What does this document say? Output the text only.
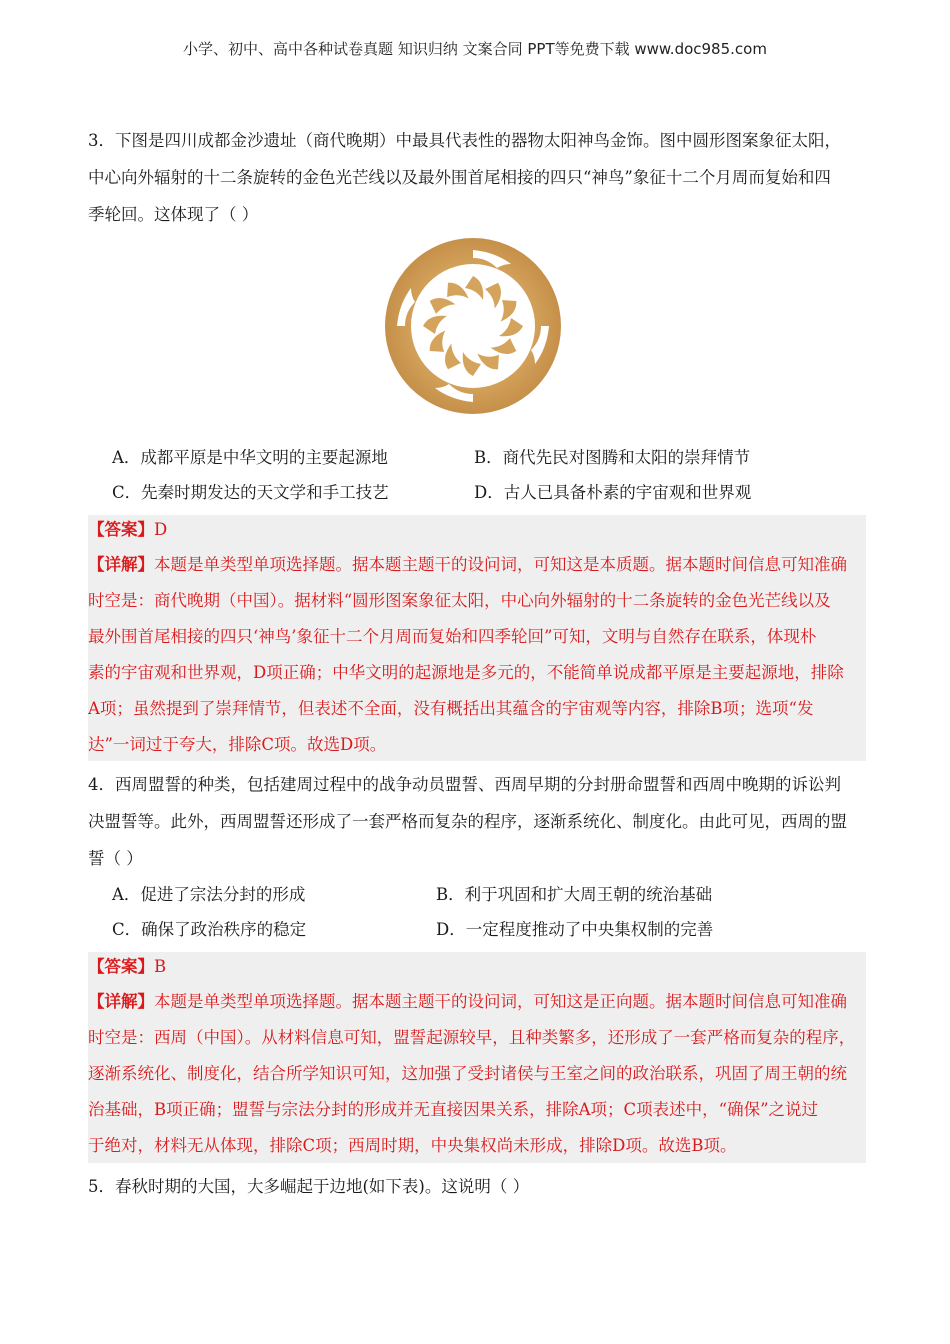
小学、初中、高中各种试卷真题 知识归纳 文案合同 PPT等免费下载 www.doc985.com
3．下图是四川成都金沙遗址（商代晚期）中最具代表性的器物太阳神鸟金饰。图中圆形图案象征太阳，
中心向外辐射的十二条旋转的金色光芒线以及最外围首尾相接的四只“神鸟”象征十二个月周而复始和四
季轮回。这体现了（ ）
A．成都平原是中华文明的主要起源地	B．商代先民对图腾和太阳的崇拜情节
C．先秦时期发达的天文学和手工技艺	D．古人已具备朴素的宇宙观和世界观
【答案】D
【详解】本题是单类型单项选择题。据本题主题干的设问词，可知这是本质题。据本题时间信息可知准确
时空是：商代晚期（中国）。据材料“圆形图案象征太阳，中心向外辐射的十二条旋转的金色光芒线以及
最外围首尾相接的四只‘神鸟’象征十二个月周而复始和四季轮回”可知，文明与自然存在联系，体现朴
素的宇宙观和世界观，D项正确；中华文明的起源地是多元的，不能简单说成都平原是主要起源地，排除
A项；虽然提到了崇拜情节，但表述不全面，没有概括出其蕴含的宇宙观等内容，排除B项；选项“发
达”一词过于夸大，排除C项。故选D项。
4．西周盟誓的种类，包括建周过程中的战争动员盟誓、西周早期的分封册命盟誓和西周中晚期的诉讼判
决盟誓等。此外，西周盟誓还形成了一套严格而复杂的程序，逐渐系统化、制度化。由此可见，西周的盟
誓（ ）
A．促进了宗法分封的形成	B．利于巩固和扩大周王朝的统治基础
C．确保了政治秩序的稳定	D．一定程度推动了中央集权制的完善
【答案】B
【详解】本题是单类型单项选择题。据本题主题干的设问词，可知这是正向题。据本题时间信息可知准确
时空是：西周（中国）。从材料信息可知，盟誓起源较早，且种类繁多，还形成了一套严格而复杂的程序，
逐渐系统化、制度化，结合所学知识可知，这加强了受封诸侯与王室之间的政治联系，巩固了周王朝的统
治基础，B项正确；盟誓与宗法分封的形成并无直接因果关系，排除A项；C项表述中，“确保”之说过
于绝对，材料无从体现，排除C项；西周时期，中央集权尚未形成，排除D项。故选B项。
5．春秋时期的大国，大多崛起于边地(如下表)。这说明（ ）
